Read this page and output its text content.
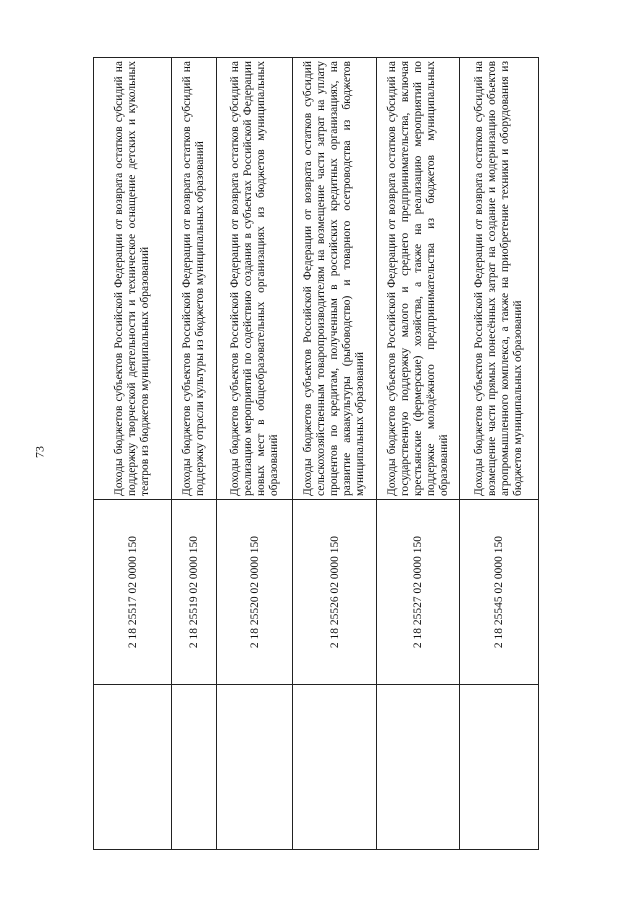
73
	2 18 25517 02 0000 150	Доходы бюджетов субъектов Российской Федерации от возврата остатков субсидий на поддержку творческой деятельности и техническое оснащение детских и кукольных театров из бюджетов муниципальных образований
	2 18 25519 02 0000 150	Доходы бюджетов субъектов Российской Федерации от возврата остатков субсидий на поддержку отрасли культуры из бюджетов муниципальных образований
	2 18 25520 02 0000 150	Доходы бюджетов субъектов Российской Федерации от возврата остатков субсидий на реализацию мероприятий по содействию создания в субъектах Российской Федерации новых мест в общеобразовательных организациях из бюджетов муниципальных образований
	2 18 25526 02 0000 150	Доходы бюджетов субъектов Российской Федерации от возврата остатков субсидий сельскохозяйственным товаропроизводителям на возмещение части затрат на уплату процентов по кредитам, полученным в российских кредитных организациях, на развитие аквакультуры (рыбоводство) и товарного осетроводства из бюджетов муниципальных образований
	2 18 25527 02 0000 150	Доходы бюджетов субъектов Российской Федерации от возврата остатков субсидий на государственную поддержку малого и среднего предпринимательства, включая крестьянские (фермерские) хозяйства, а также на реализацию мероприятий по поддержке молодёжного предпринимательства из бюджетов муниципальных образований
	2 18 25545 02 0000 150	Доходы бюджетов субъектов Российской Федерации от возврата остатков субсидий на возмещение части прямых понесённых затрат на создание и модернизацию объектов агропромышленного комплекса, а также на приобретение техники и оборудования из бюджетов муниципальных образований
